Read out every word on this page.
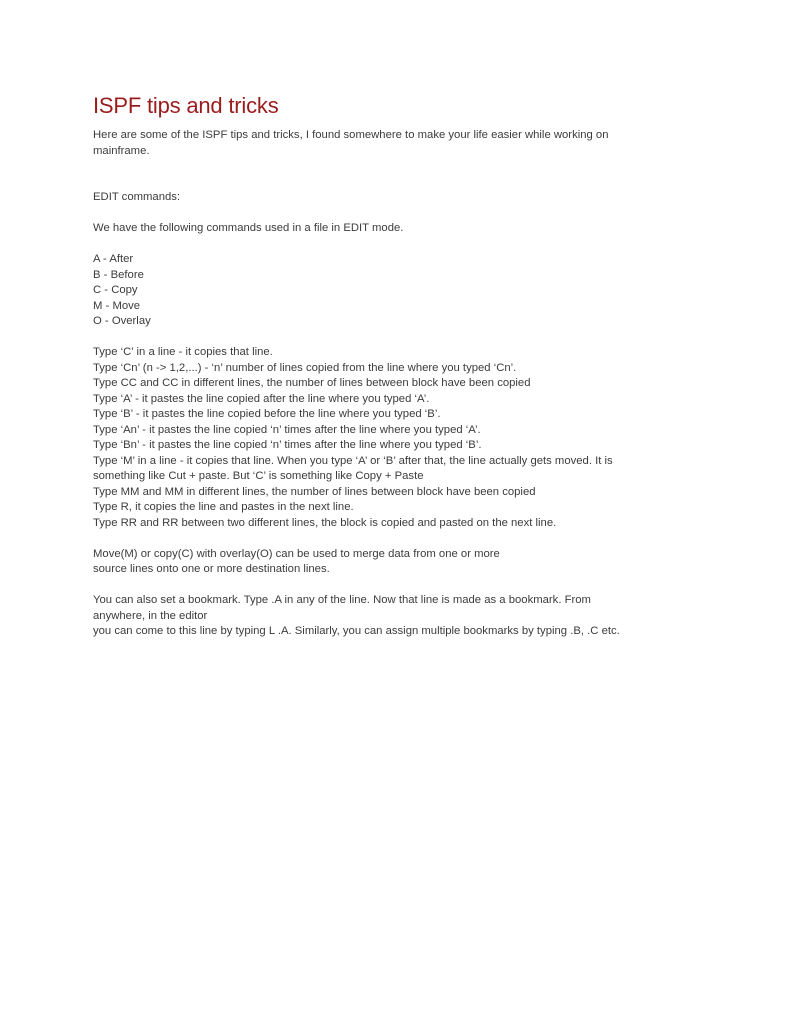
ISPF tips and tricks

Here are some of the ISPF tips and tricks, I found somewhere to make your life easier while working on
mainframe.

EDIT commands:

We have the following commands used in a file in EDIT mode.

A - After
B - Before
C - Copy
M - Move
O - Overlay

Type ‘C’ in a line - it copies that line.
Type ‘Cn’ (n -> 1,2,...) - ‘n’ number of lines copied from the line where you typed ‘Cn’.
Type CC and CC in different lines, the number of lines between block have been copied
Type ‘A’ - it pastes the line copied after the line where you typed ‘A’.
Type ‘B’ - it pastes the line copied before the line where you typed ‘B’.
Type ‘An’ - it pastes the line copied ‘n’ times after the line where you typed ‘A’.
Type ‘Bn’ - it pastes the line copied ‘n’ times after the line where you typed ‘B’.
Type ‘M’ in a line - it copies that line. When you type ‘A’ or ‘B’ after that, the line actually gets moved. It is
something like Cut + paste. But ‘C’ is something like Copy + Paste
Type MM and MM in different lines, the number of lines between block have been copied
Type R, it copies the line and pastes in the next line.
Type RR and RR between two different lines, the block is copied and pasted on the next line.

Move(M) or copy(C) with overlay(O) can be used to merge data from one or more
source lines onto one or more destination lines.

You can also set a bookmark. Type .A in any of the line. Now that line is made as a bookmark. From
anywhere, in the editor
you can come to this line by typing L .A. Similarly, you can assign multiple bookmarks by typing .B, .C etc.
